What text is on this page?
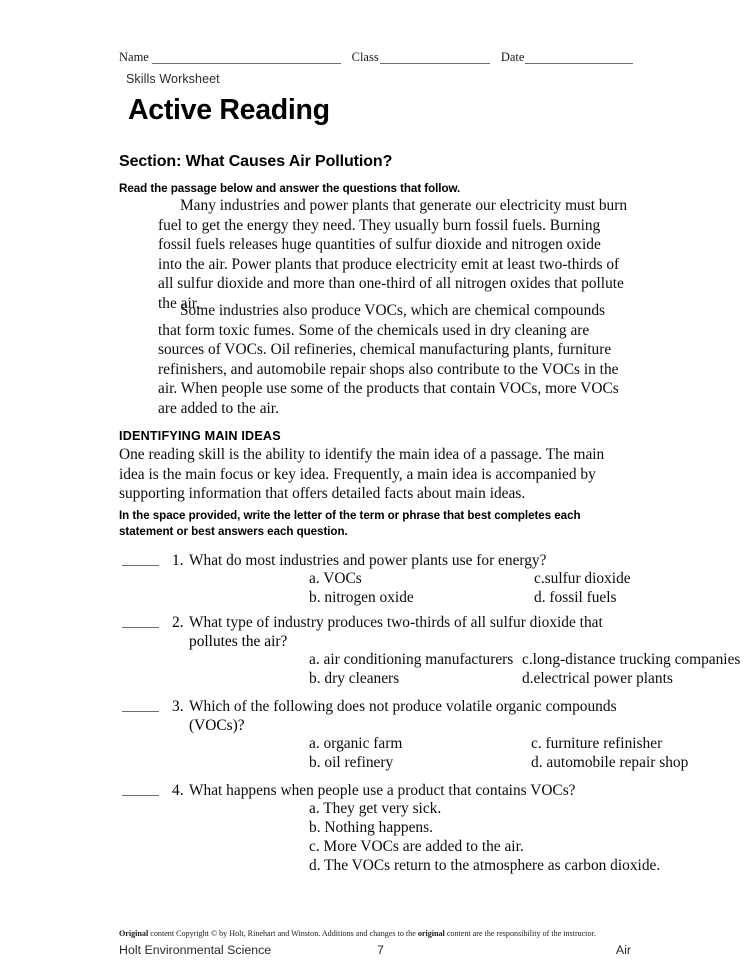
Name	Class	Date
Skills Worksheet
Active Reading
Section: What Causes Air Pollution?
Read the passage below and answer the questions that follow.
Many industries and power plants that generate our electricity must burn fuel to get the energy they need. They usually burn fossil fuels. Burning fossil fuels releases huge quantities of sulfur dioxide and nitrogen oxide into the air. Power plants that produce electricity emit at least two-thirds of all sulfur dioxide and more than one-third of all nitrogen oxides that pollute the air.
Some industries also produce VOCs, which are chemical compounds that form toxic fumes. Some of the chemicals used in dry cleaning are sources of VOCs. Oil refineries, chemical manufacturing plants, furniture refinishers, and automobile repair shops also contribute to the VOCs in the air. When people use some of the products that contain VOCs, more VOCs are added to the air.
IDENTIFYING MAIN IDEAS
One reading skill is the ability to identify the main idea of a passage. The main idea is the main focus or key idea. Frequently, a main idea is accompanied by supporting information that offers detailed facts about main ideas.
In the space provided, write the letter of the term or phrase that best completes each statement or best answers each question.
1. What do most industries and power plants use for energy?
a. VOCs
b. nitrogen oxide
c.sulfur dioxide
d. fossil fuels
2. What type of industry produces two-thirds of all sulfur dioxide that
pollutes the air?
a. air conditioning manufacturers
b. dry cleaners
c.long-distance trucking companies
d.electrical power plants
3. Which of the following does not produce volatile organic compounds
(VOCs)?
a. organic farm
b. oil refinery
c. furniture refinisher
d. automobile repair shop
4. What happens when people use a product that contains VOCs?
a. They get very sick.
b. Nothing happens.
c. More VOCs are added to the air.
d. The VOCs return to the atmosphere as carbon dioxide.
Original content Copyright © by Holt, Rinehart and Winston. Additions and changes to the original content are the responsibility of the instructor.
Holt Environmental Science	7	Air
